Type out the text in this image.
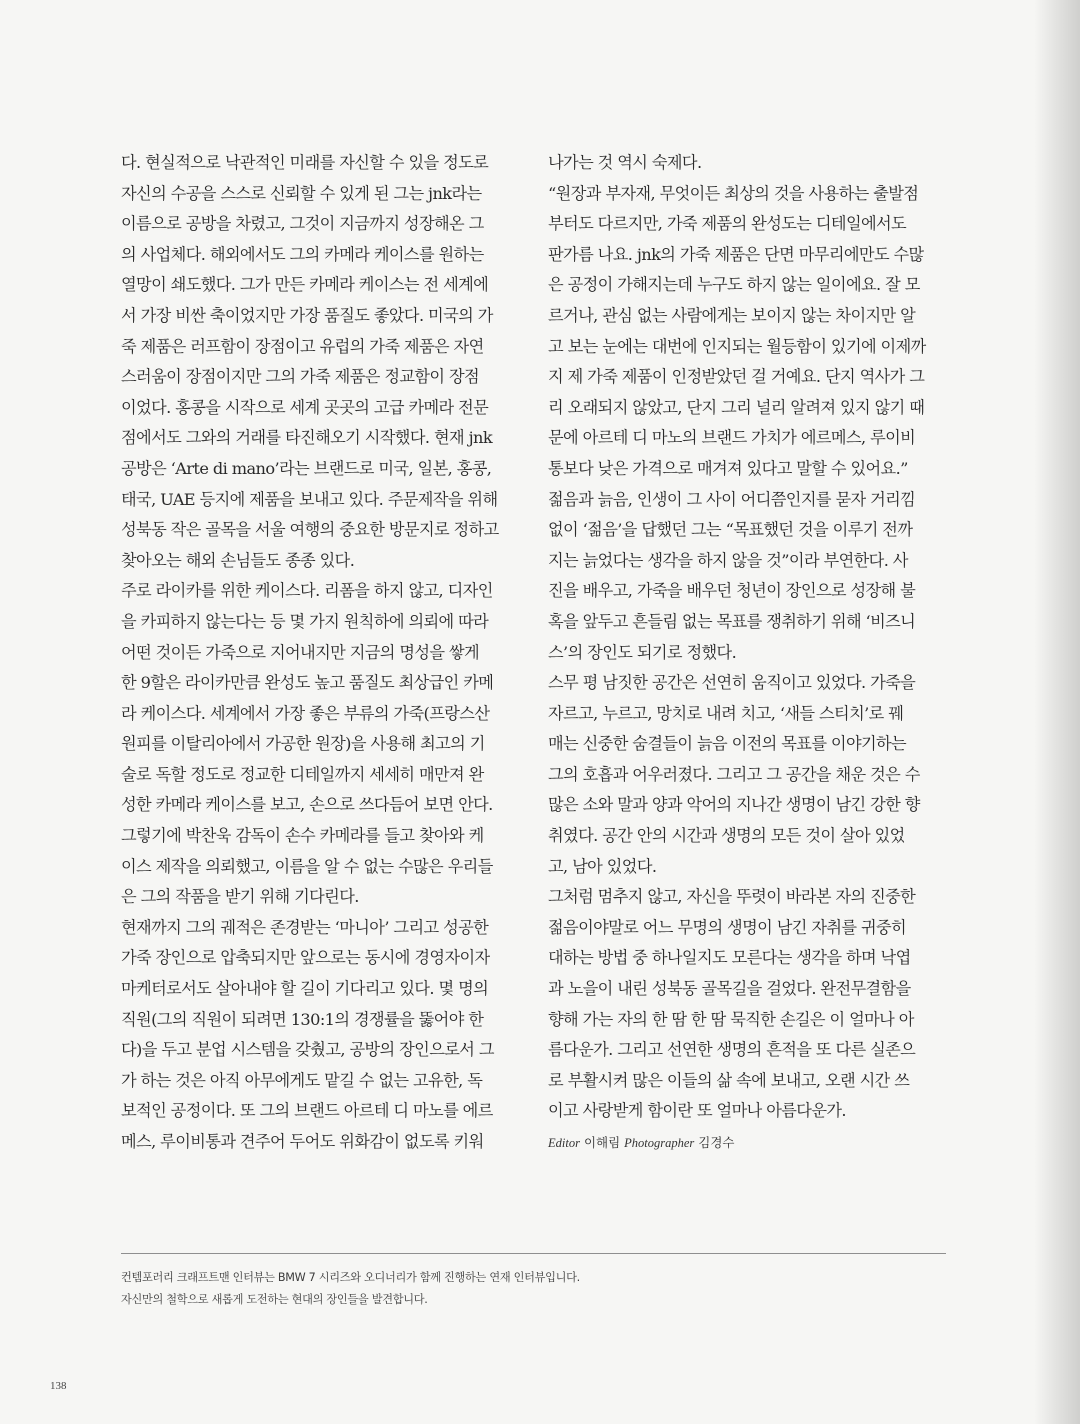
다. 현실적으로 낙관적인 미래를 자신할 수 있을 정도로
자신의 수공을 스스로 신뢰할 수 있게 된 그는 jnk라는
이름으로 공방을 차렸고, 그것이 지금까지 성장해온 그
의 사업체다. 해외에서도 그의 카메라 케이스를 원하는
열망이 쇄도했다. 그가 만든 카메라 케이스는 전 세계에
서 가장 비싼 축이었지만 가장 품질도 좋았다. 미국의 가
죽 제품은 러프함이 장점이고 유럽의 가죽 제품은 자연
스러움이 장점이지만 그의 가죽 제품은 정교함이 장점
이었다. 홍콩을 시작으로 세계 곳곳의 고급 카메라 전문
점에서도 그와의 거래를 타진해오기 시작했다. 현재 jnk
공방은 ‘Arte di mano’라는 브랜드로 미국, 일본, 홍콩,
태국, UAE 등지에 제품을 보내고 있다. 주문제작을 위해
성북동 작은 골목을 서울 여행의 중요한 방문지로 정하고
찾아오는 해외 손님들도 종종 있다.

주로 라이카를 위한 케이스다. 리폼을 하지 않고, 디자인
을 카피하지 않는다는 등 몇 가지 원칙하에 의뢰에 따라
어떤 것이든 가죽으로 지어내지만 지금의 명성을 쌓게
한 9할은 라이카만큼 완성도 높고 품질도 최상급인 카메
라 케이스다. 세계에서 가장 좋은 부류의 가죽(프랑스산
원피를 이탈리아에서 가공한 원장)을 사용해 최고의 기
술로 독할 정도로 정교한 디테일까지 세세히 매만져 완
성한 카메라 케이스를 보고, 손으로 쓰다듬어 보면 안다.
그렇기에 박찬욱 감독이 손수 카메라를 들고 찾아와 케
이스 제작을 의뢰했고, 이름을 알 수 없는 수많은 우리들
은 그의 작품을 받기 위해 기다린다.

현재까지 그의 궤적은 존경받는 ‘마니아’ 그리고 성공한
가죽 장인으로 압축되지만 앞으로는 동시에 경영자이자
마케터로서도 살아내야 할 길이 기다리고 있다. 몇 명의
직원(그의 직원이 되려면 130:1의 경쟁률을 뚫어야 한
다)을 두고 분업 시스템을 갖췄고, 공방의 장인으로서 그
가 하는 것은 아직 아무에게도 맡길 수 없는 고유한, 독
보적인 공정이다. 또 그의 브랜드 아르테 디 마노를 에르
메스, 루이비통과 견주어 두어도 위화감이 없도록 키워

나가는 것 역시 숙제다.

“원장과 부자재, 무엇이든 최상의 것을 사용하는 출발점
부터도 다르지만, 가죽 제품의 완성도는 디테일에서도
판가름 나요. jnk의 가죽 제품은 단면 마무리에만도 수많
은 공정이 가해지는데 누구도 하지 않는 일이에요. 잘 모
르거나, 관심 없는 사람에게는 보이지 않는 차이지만 알
고 보는 눈에는 대번에 인지되는 월등함이 있기에 이제까
지 제 가죽 제품이 인정받았던 걸 거예요. 단지 역사가 그
리 오래되지 않았고, 단지 그리 널리 알려져 있지 않기 때
문에 아르테 디 마노의 브랜드 가치가 에르메스, 루이비
통보다 낮은 가격으로 매겨져 있다고 말할 수 있어요.”

젊음과 늙음, 인생이 그 사이 어디쯤인지를 묻자 거리낌
없이 ‘젊음’을 답했던 그는 “목표했던 것을 이루기 전까
지는 늙었다는 생각을 하지 않을 것”이라 부연한다. 사
진을 배우고, 가죽을 배우던 청년이 장인으로 성장해 불
혹을 앞두고 흔들림 없는 목표를 쟁취하기 위해 ‘비즈니
스’의 장인도 되기로 정했다.

스무 평 남짓한 공간은 선연히 움직이고 있었다. 가죽을
자르고, 누르고, 망치로 내려 치고, ‘새들 스티치’로 꿰
매는 신중한 숨결들이 늙음 이전의 목표를 이야기하는
그의 호흡과 어우러졌다. 그리고 그 공간을 채운 것은 수
많은 소와 말과 양과 악어의 지나간 생명이 남긴 강한 향
취였다. 공간 안의 시간과 생명의 모든 것이 살아 있었
고, 남아 있었다.

그처럼 멈추지 않고, 자신을 뚜렷이 바라본 자의 진중한
젊음이야말로 어느 무명의 생명이 남긴 자취를 귀중히
대하는 방법 중 하나일지도 모른다는 생각을 하며 낙엽
과 노을이 내린 성북동 골목길을 걸었다. 완전무결함을
향해 가는 자의 한 땀 한 땀 묵직한 손길은 이 얼마나 아
름다운가. 그리고 선연한 생명의 흔적을 또 다른 실존으
로 부활시켜 많은 이들의 삶 속에 보내고, 오랜 시간 쓰
이고 사랑받게 함이란 또 얼마나 아름다운가.

Editor 이해림 Photographer 김경수
컨템포러리 크래프트맨 인터뷰는 BMW 7 시리즈와 오디너리가 함께 진행하는 연재 인터뷰입니다.
자신만의 철학으로 새롭게 도전하는 현대의 장인들을 발견합니다.
138
